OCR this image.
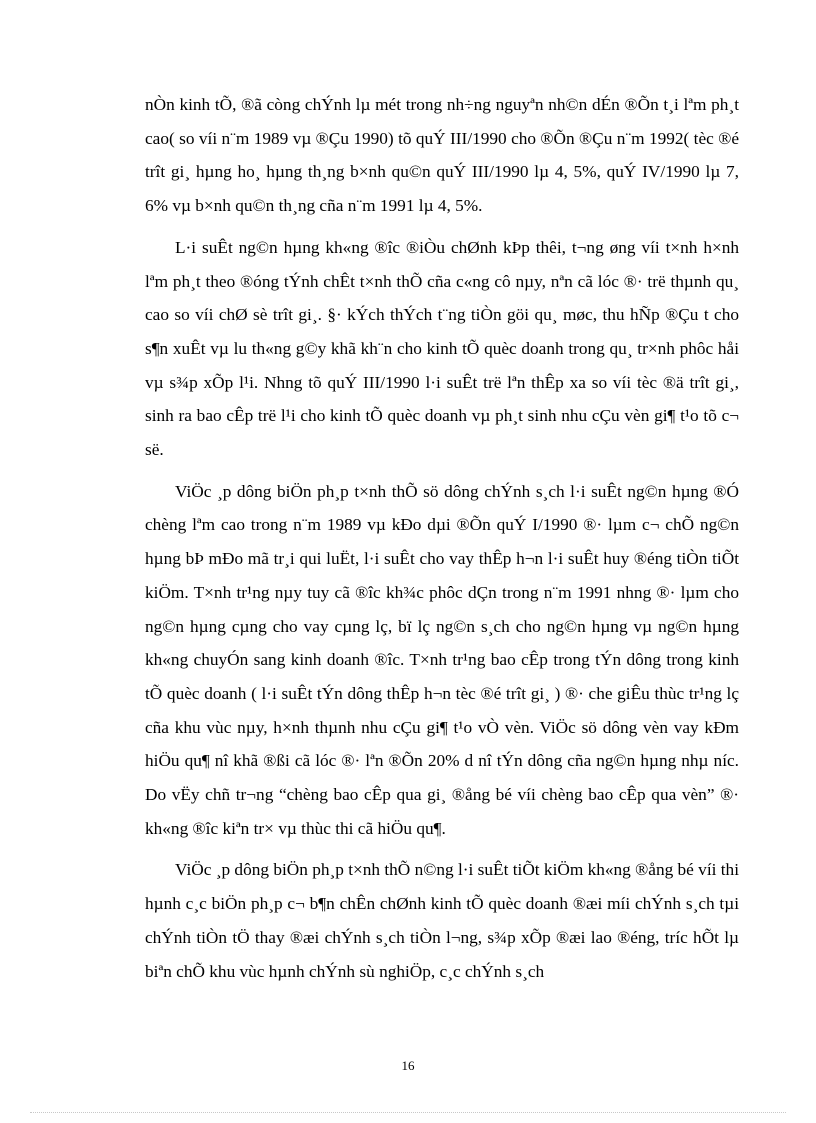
nÒn kinh tÕ, ®ã còng chÝnh lµ mét trong nh÷ng nguyªn nh©n dÉn ®Õn t¸i lªm ph¸t cao( so víi n¨m 1989 vµ ®Çu 1990) tõ quÝ III/1990 cho ®Õn ®Çu n¨m 1992( tèc ®é trît gi¸ hµng ho¸ hµng th¸ng b×nh qu©n quÝ III/1990 lµ 4, 5%, quÝ IV/1990 lµ 7, 6% vµ b×nh qu©n th¸ng cña n¨m 1991 lµ 4, 5%.

L·i suÊt ng©n hµng kh«ng ®îc ®iÒu chØnh kÞp thêi, t¬ng øng víi t×nh h×nh lªm ph¸t theo ®óng tÝnh chÊt t×nh thÕ cña c«ng cô nµy, nªn cã lóc ®· trë thµnh qu¸ cao so víi chØ sè trît gi¸. §· kÝch thÝch t¨ng tiÒn göi qu¸ møc, thu hÑp ®Çu t cho s¶n xuÊt vµ lu th«ng g©y khã kh¨n cho kinh tÕ quèc doanh trong qu¸ tr×nh phôc håi vµ s¾p xÕp l¹i. Nhng tõ quÝ III/1990 l·i suÊt trë lªn thÊp xa so víi tèc ®ä trît gi¸, sinh ra bao cÊp trë l¹i cho kinh tÕ quèc doanh vµ ph¸t sinh nhu cÇu vèn gi¶ t¹o tõ c¬ së.

ViÖc ¸p dông biÖn ph¸p t×nh thÕ sö dông chÝnh s¸ch l·i suÊt ng©n hµng ®Ó chèng lªm cao trong n¨m 1989 vµ kÐo dµi ®Õn quÝ I/1990 ®· lµm c¬ chÕ ng©n hµng bÞ mÐo mã tr¸i qui luËt, l·i suÊt cho vay thÊp h¬n l·i suÊt huy ®éng tiÒn tiÕt kiÖm. T×nh tr¹ng nµy tuy cã ®îc kh¾c phôc dÇn trong n¨m 1991 nhng ®· lµm cho ng©n hµng cµng cho vay cµng lç, bï lç ng©n s¸ch cho ng©n hµng vµ ng©n hµng kh«ng chuyÓn sang kinh doanh ®îc. T×nh tr¹ng bao cÊp trong tÝn dông trong kinh tÕ quèc doanh ( l·i suÊt tÝn dông thÊp h¬n tèc ®é trît gi¸ ) ®· che giÊu thùc tr¹ng lç cña khu vùc nµy, h×nh thµnh nhu cÇu gi¶ t¹o vÒ vèn. ViÖc sö dông vèn vay kÐm hiÖu qu¶ nî khã ®ßi cã lóc ®· lªn ®Õn 20% d nî tÝn dông cña ng©n hµng nhµ níc. Do vËy chñ tr¬ng “chèng bao cÊp qua gi¸ ®ång bé víi chèng bao cÊp qua vèn” ®· kh«ng ®îc kiªn tr× vµ thùc thi cã hiÖu qu¶.

ViÖc ¸p dông biÖn ph¸p t×nh thÕ n©ng l·i suÊt tiÕt kiÖm kh«ng ®ång bé víi thi hµnh c¸c biÖn ph¸p c¬ b¶n chÊn chØnh kinh tÕ quèc doanh ®æi míi chÝnh s¸ch tµi chÝnh tiÒn tÖ thay ®æi chÝnh s¸ch tiÒn l¬ng, s¾p xÕp ®æi lao ®éng, tríc hÕt lµ biªn chÕ khu vùc hµnh chÝnh sù nghiÖp, c¸c chÝnh s¸ch

16
